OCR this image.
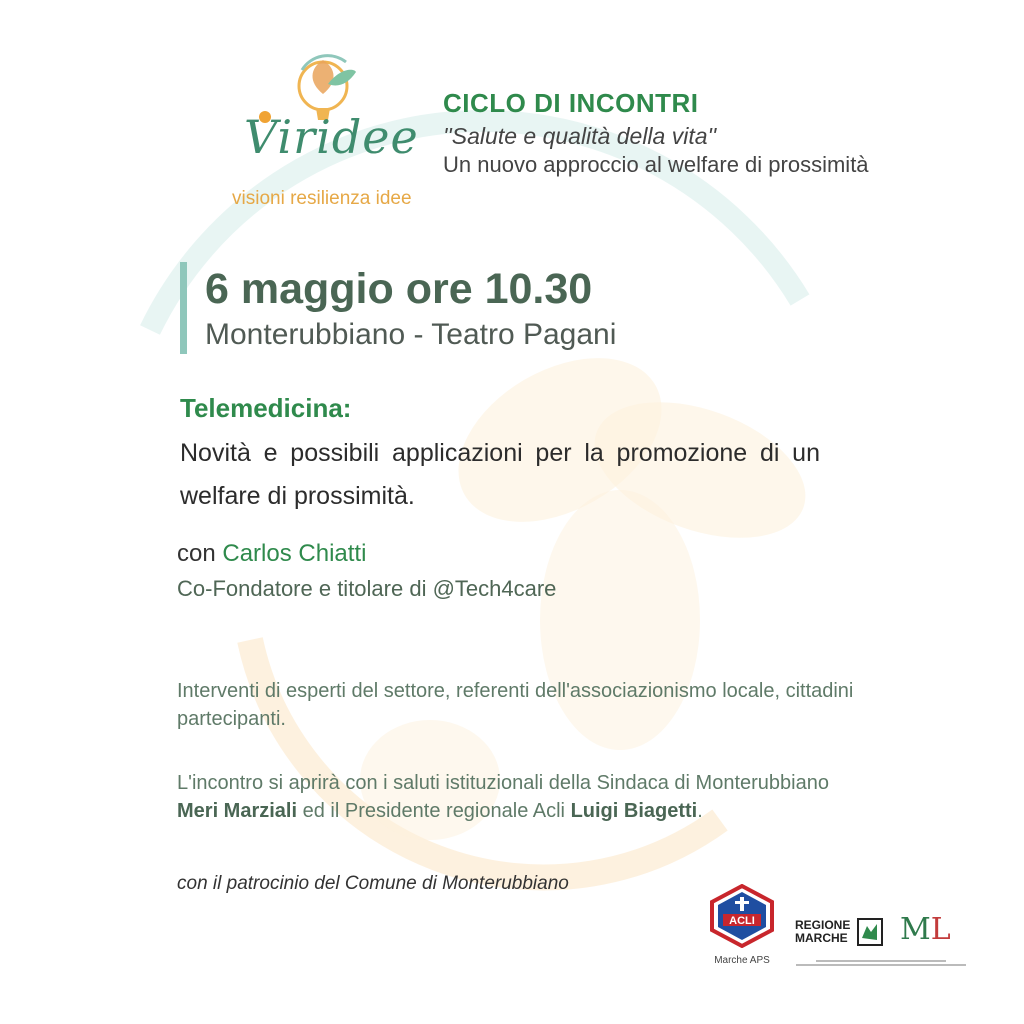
Viridee
visioni resilienza idee
CICLO DI INCONTRI
''Salute e qualità della vita''
Un nuovo approccio al welfare di prossimità
6 maggio ore 10.30
Monterubbiano - Teatro Pagani
Telemedicina:
Novità e possibili applicazioni per la promozione di un welfare di prossimità.
con Carlos Chiatti
Co-Fondatore e titolare di @Tech4care
Interventi di esperti del settore, referenti dell'associazionismo locale, cittadini partecipanti.
L'incontro si aprirà con i saluti istituzionali della Sindaca di Monterubbiano
Meri Marziali ed il Presidente regionale Acli Luigi Biagetti.
con il patrocinio del Comune di Monterubbiano
ACLI
Marche APS
REGIONE
MARCHE
ML
